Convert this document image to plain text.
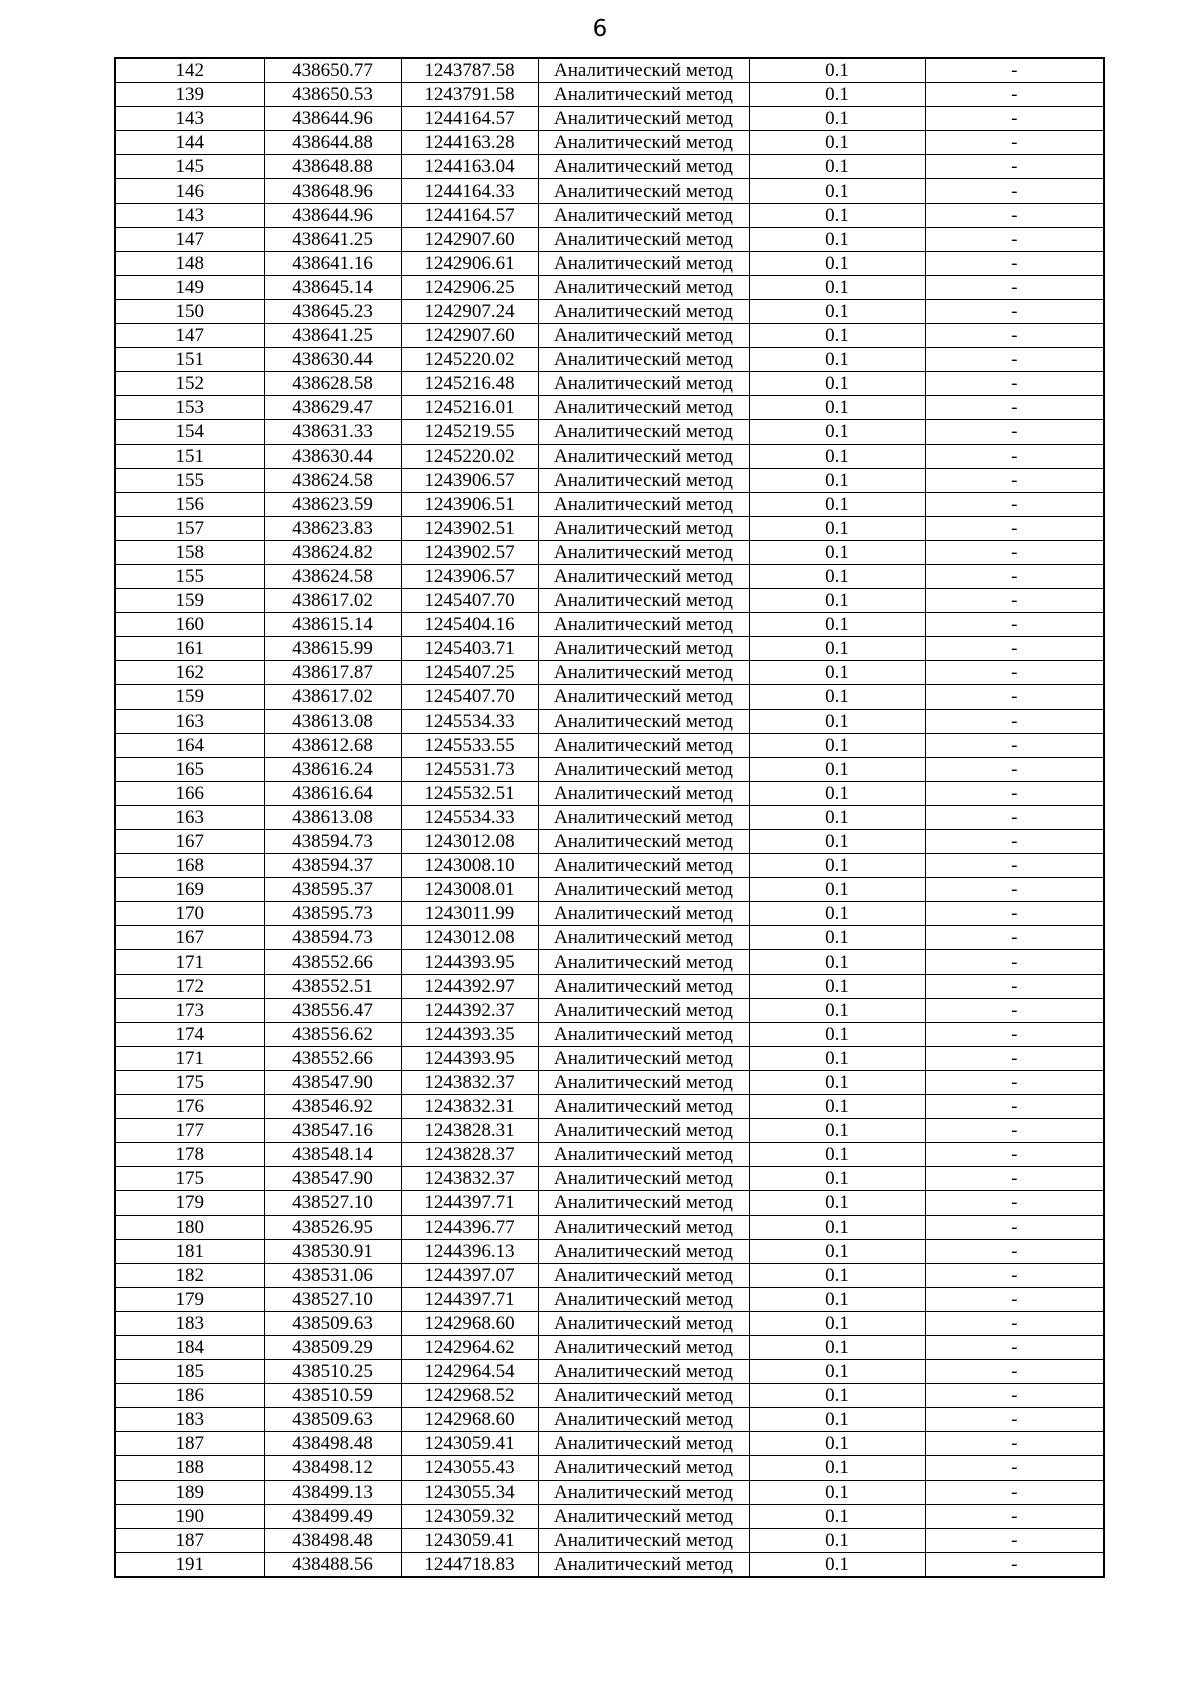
6
142	438650.77	1243787.58	Аналитический метод	0.1	-
139	438650.53	1243791.58	Аналитический метод	0.1	-
143	438644.96	1244164.57	Аналитический метод	0.1	-
144	438644.88	1244163.28	Аналитический метод	0.1	-
145	438648.88	1244163.04	Аналитический метод	0.1	-
146	438648.96	1244164.33	Аналитический метод	0.1	-
143	438644.96	1244164.57	Аналитический метод	0.1	-
147	438641.25	1242907.60	Аналитический метод	0.1	-
148	438641.16	1242906.61	Аналитический метод	0.1	-
149	438645.14	1242906.25	Аналитический метод	0.1	-
150	438645.23	1242907.24	Аналитический метод	0.1	-
147	438641.25	1242907.60	Аналитический метод	0.1	-
151	438630.44	1245220.02	Аналитический метод	0.1	-
152	438628.58	1245216.48	Аналитический метод	0.1	-
153	438629.47	1245216.01	Аналитический метод	0.1	-
154	438631.33	1245219.55	Аналитический метод	0.1	-
151	438630.44	1245220.02	Аналитический метод	0.1	-
155	438624.58	1243906.57	Аналитический метод	0.1	-
156	438623.59	1243906.51	Аналитический метод	0.1	-
157	438623.83	1243902.51	Аналитический метод	0.1	-
158	438624.82	1243902.57	Аналитический метод	0.1	-
155	438624.58	1243906.57	Аналитический метод	0.1	-
159	438617.02	1245407.70	Аналитический метод	0.1	-
160	438615.14	1245404.16	Аналитический метод	0.1	-
161	438615.99	1245403.71	Аналитический метод	0.1	-
162	438617.87	1245407.25	Аналитический метод	0.1	-
159	438617.02	1245407.70	Аналитический метод	0.1	-
163	438613.08	1245534.33	Аналитический метод	0.1	-
164	438612.68	1245533.55	Аналитический метод	0.1	-
165	438616.24	1245531.73	Аналитический метод	0.1	-
166	438616.64	1245532.51	Аналитический метод	0.1	-
163	438613.08	1245534.33	Аналитический метод	0.1	-
167	438594.73	1243012.08	Аналитический метод	0.1	-
168	438594.37	1243008.10	Аналитический метод	0.1	-
169	438595.37	1243008.01	Аналитический метод	0.1	-
170	438595.73	1243011.99	Аналитический метод	0.1	-
167	438594.73	1243012.08	Аналитический метод	0.1	-
171	438552.66	1244393.95	Аналитический метод	0.1	-
172	438552.51	1244392.97	Аналитический метод	0.1	-
173	438556.47	1244392.37	Аналитический метод	0.1	-
174	438556.62	1244393.35	Аналитический метод	0.1	-
171	438552.66	1244393.95	Аналитический метод	0.1	-
175	438547.90	1243832.37	Аналитический метод	0.1	-
176	438546.92	1243832.31	Аналитический метод	0.1	-
177	438547.16	1243828.31	Аналитический метод	0.1	-
178	438548.14	1243828.37	Аналитический метод	0.1	-
175	438547.90	1243832.37	Аналитический метод	0.1	-
179	438527.10	1244397.71	Аналитический метод	0.1	-
180	438526.95	1244396.77	Аналитический метод	0.1	-
181	438530.91	1244396.13	Аналитический метод	0.1	-
182	438531.06	1244397.07	Аналитический метод	0.1	-
179	438527.10	1244397.71	Аналитический метод	0.1	-
183	438509.63	1242968.60	Аналитический метод	0.1	-
184	438509.29	1242964.62	Аналитический метод	0.1	-
185	438510.25	1242964.54	Аналитический метод	0.1	-
186	438510.59	1242968.52	Аналитический метод	0.1	-
183	438509.63	1242968.60	Аналитический метод	0.1	-
187	438498.48	1243059.41	Аналитический метод	0.1	-
188	438498.12	1243055.43	Аналитический метод	0.1	-
189	438499.13	1243055.34	Аналитический метод	0.1	-
190	438499.49	1243059.32	Аналитический метод	0.1	-
187	438498.48	1243059.41	Аналитический метод	0.1	-
191	438488.56	1244718.83	Аналитический метод	0.1	-
